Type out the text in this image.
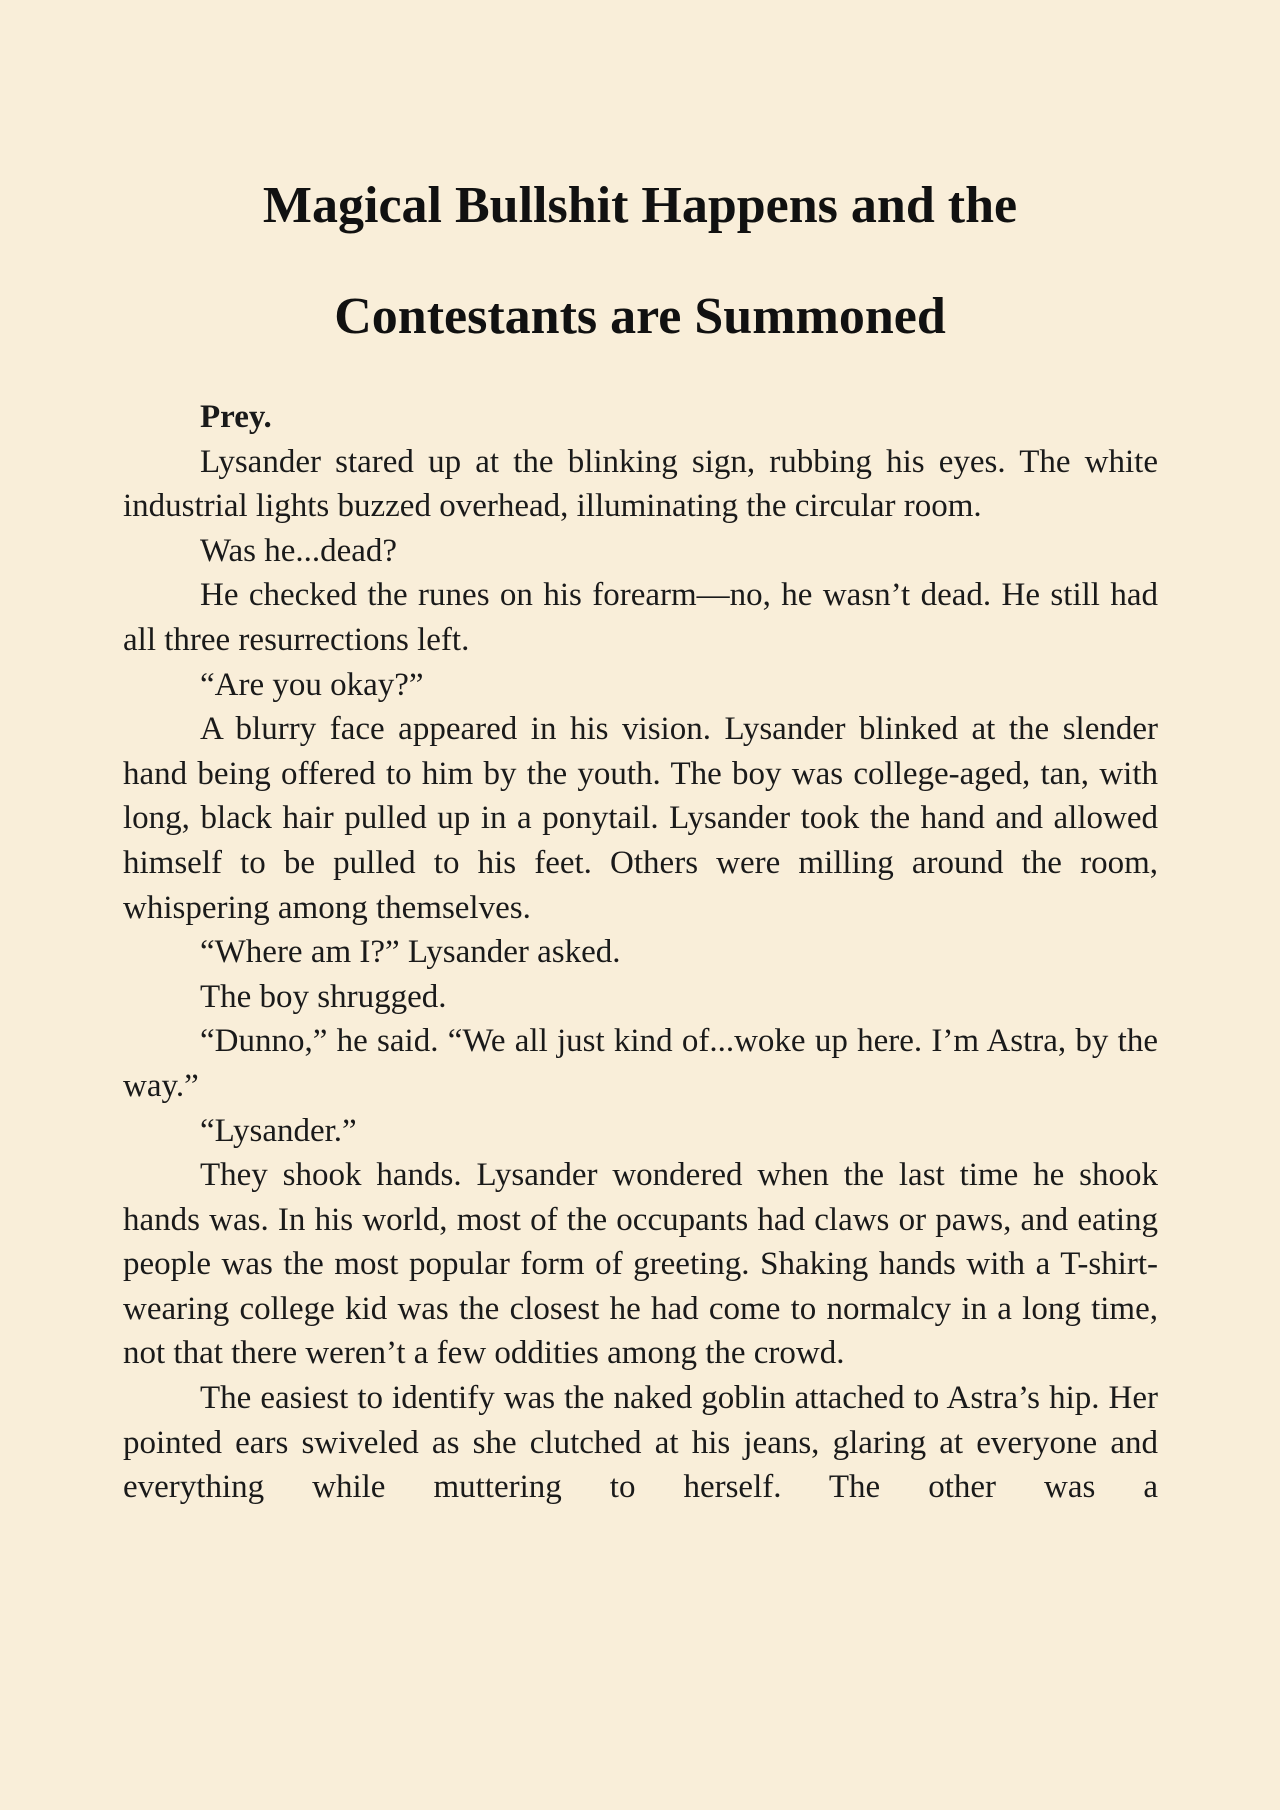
Magical Bullshit Happens and the
Contestants are Summoned

Prey.

Lysander stared up at the blinking sign, rubbing his eyes. The white industrial lights buzzed overhead, illuminating the circular room.

Was he...dead?

He checked the runes on his forearm—no, he wasn’t dead. He still had all three resurrections left.

“Are you okay?”

A blurry face appeared in his vision. Lysander blinked at the slender hand being offered to him by the youth. The boy was college-aged, tan, with long, black hair pulled up in a ponytail. Lysander took the hand and allowed himself to be pulled to his feet. Others were milling around the room, whispering among themselves.

“Where am I?” Lysander asked.

The boy shrugged.

“Dunno,” he said. “We all just kind of...woke up here. I’m Astra, by the way.”

“Lysander.”

They shook hands. Lysander wondered when the last time he shook hands was. In his world, most of the occupants had claws or paws, and eating people was the most popular form of greeting. Shaking hands with a T-shirt-wearing college kid was the closest he had come to normalcy in a long time, not that there weren’t a few oddities among the crowd.

The easiest to identify was the naked goblin attached to Astra’s hip. Her pointed ears swiveled as she clutched at his jeans, glaring at everyone and everything while muttering to herself. The other was a
